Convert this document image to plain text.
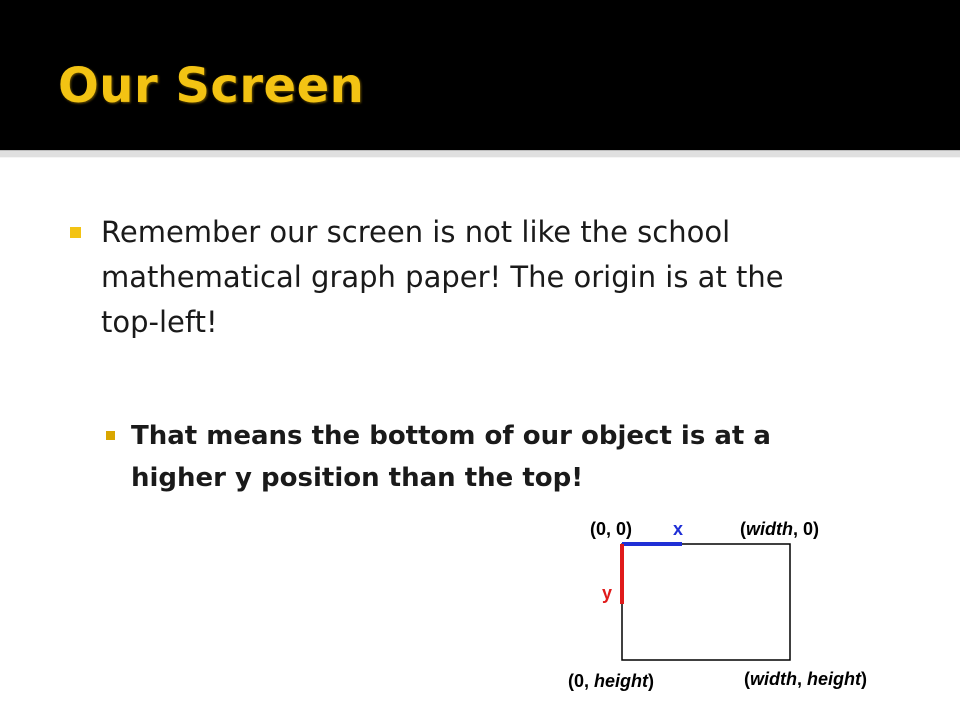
Our Screen
Remember our screen is not like the school mathematical graph paper! The origin is at the top-left!
That means the bottom of our object is at a higher y position than the top!
(0, 0) x	(width, 0)
y
(0, height)	(width, height)
